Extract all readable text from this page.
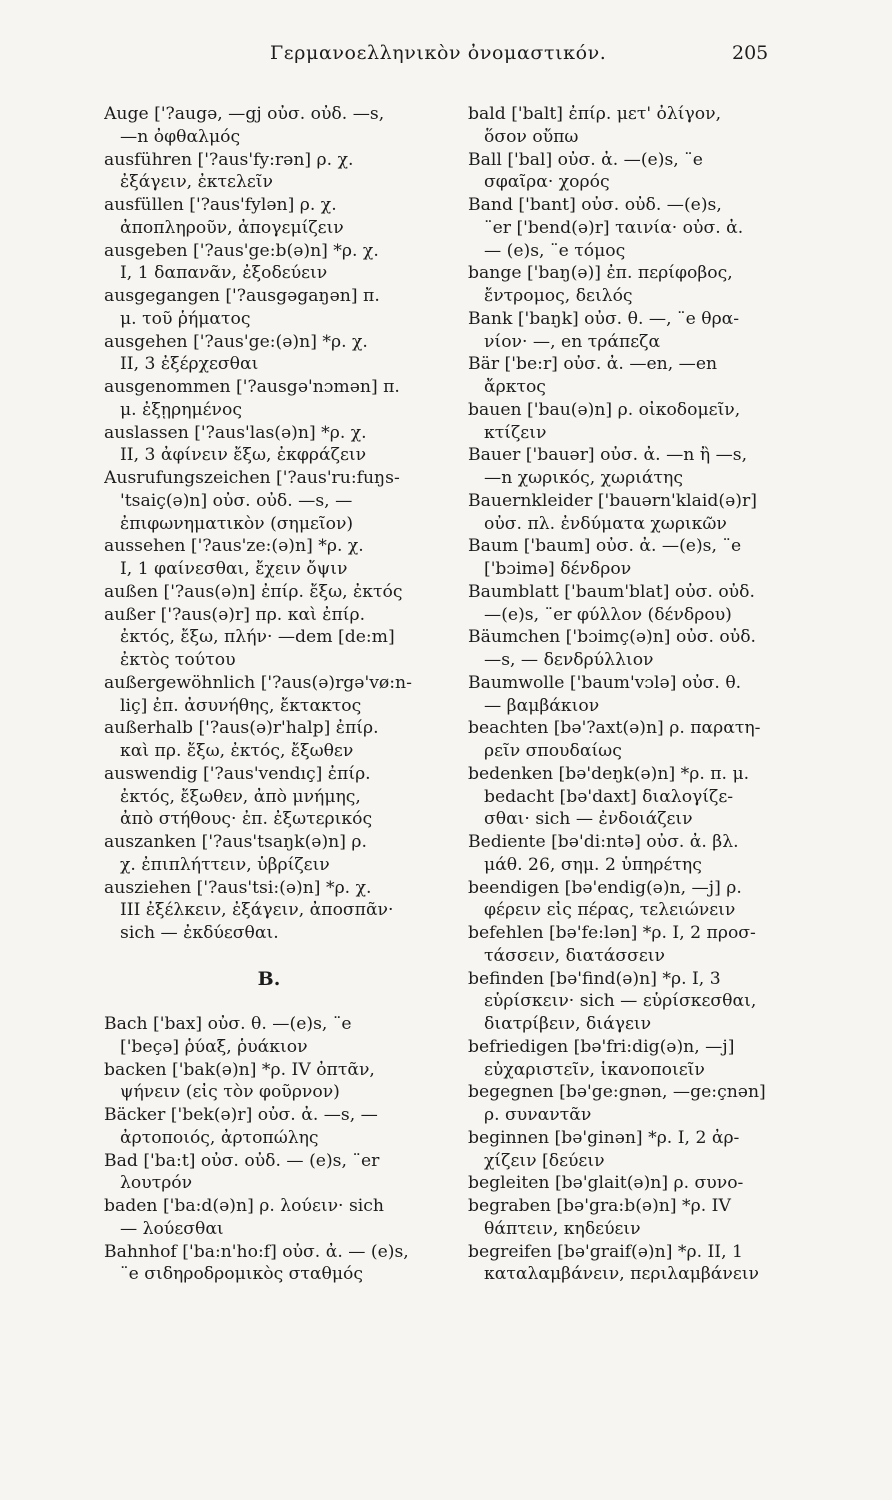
Γερμανοελληνικὸν ὀνομαστικόν.	205
Auge ['?augə, —gj οὐσ. οὐδ. —s,
—n ὀφθαλμός
ausführen ['?aus'fy:rən] ρ. χ.
ἐξάγειν, ἐκτελεῖν
ausfüllen ['?aus'fylən] ρ. χ.
ἀποπληροῦν, ἀπογεμίζειν
ausgeben ['?aus'ge:b(ə)n] *ρ. χ.
I, 1 δαπανᾶν, ἐξοδεύειν
ausgegangen ['?ausgəgaŋən] π.
μ. τοῦ ῥήματος
ausgehen ['?aus'ge:(ə)n] *ρ. χ.
II, 3 ἐξέρχεσθαι
ausgenommen ['?ausgə'nɔmən] π.
μ. ἐξῃρημένος
auslassen ['?aus'las(ə)n] *ρ. χ.
II, 3 ἀφίνειν ἔξω, ἐκφράζειν
Ausrufungszeichen ['?aus'ru:fuŋs-
'tsaiç(ə)n] οὐσ. οὐδ. —s, —
ἐπιφωνηματικὸν (σημεῖον)
aussehen ['?aus'ze:(ə)n] *ρ. χ.
I, 1 φαίνεσθαι, ἔχειν ὄψιν
außen ['?aus(ə)n] ἐπίρ. ἔξω, ἐκτός
außer ['?aus(ə)r] πρ. καὶ ἐπίρ.
ἐκτός, ἔξω, πλήν· —dem [de:m]
ἐκτὸς τούτου
außergewöhnlich ['?aus(ə)rgə'vø:n-
liç] ἐπ. ἀσυνήθης, ἔκτακτος
außerhalb ['?aus(ə)r'halp] ἐπίρ.
καὶ πρ. ἔξω, ἐκτός, ἔξωθεν
auswendig ['?aus'vendıç] ἐπίρ.
ἐκτός, ἔξωθεν, ἀπὸ μνήμης,
ἀπὸ στήθους· ἐπ. ἐξωτερικός
auszanken ['?aus'tsaŋk(ə)n] ρ.
χ. ἐπιπλήττειν, ὑβρίζειν
ausziehen ['?aus'tsi:(ə)n] *ρ. χ.
III ἐξέλκειν, ἐξάγειν, ἀποσπᾶν·
sich — ἐκδύεσθαι.
B.
Bach ['bax] οὐσ. θ. —(e)s, ¨e
['beçə] ῥύαξ, ῥυάκιον
backen ['bak(ə)n] *ρ. IV ὀπτᾶν,
ψήνειν (εἰς τὸν φοῦρνον)
Bäcker ['bek(ə)r] οὐσ. ἀ. —s, —
ἀρτοποιός, ἀρτοπώλης
Bad ['ba:t] οὐσ. οὐδ. — (e)s, ¨er
λουτρόν
baden ['ba:d(ə)n] ρ. λούειν· sich
— λούεσθαι
Bahnhof ['ba:n'ho:f] οὐσ. ἀ. — (e)s,
¨e σιδηροδρομικὸς σταθμός
bald ['balt] ἐπίρ. μετ' ὀλίγον,
ὅσον οὔπω
Ball ['bal] οὐσ. ἀ. —(e)s, ¨e
σφαῖρα· χορός
Band ['bant] οὐσ. οὐδ. —(e)s,
¨er ['bend(ə)r] ταινία· οὐσ. ἀ.
— (e)s, ¨e τόμος
bange ['baŋ(ə)] ἐπ. περίφοβος,
ἔντρομος, δειλός
Bank ['baŋk] οὐσ. θ. —, ¨e θρα-
νίον· —, en τράπεζα
Bär ['be:r] οὐσ. ἀ. —en, —en
ἄρκτος
bauen ['bau(ə)n] ρ. οἰκοδομεῖν,
κτίζειν
Bauer ['bauər] οὐσ. ἀ. —n ἢ —s,
—n χωρικός, χωριάτης
Bauernkleider ['bauərn'klaid(ə)r]
οὐσ. πλ. ἐνδύματα χωρικῶν
Baum ['baum] οὐσ. ἀ. —(e)s, ¨e
['bɔimə] δένδρον
Baumblatt ['baum'blat] οὐσ. οὐδ.
—(e)s, ¨er φύλλον (δένδρου)
Bäumchen ['bɔimç(ə)n] οὐσ. οὐδ.
—s, — δενδρύλλιον
Baumwolle ['baum'vɔlə] οὐσ. θ.
— βαμβάκιον
beachten [bə'?axt(ə)n] ρ. παρατη-
ρεῖν σπουδαίως
bedenken [bə'deŋk(ə)n] *ρ. π. μ.
bedacht [bə'daxt] διαλογίζε-
σθαι· sich — ἐνδοιάζειν
Bediente [bə'di:ntə] οὐσ. ἀ. βλ.
μάθ. 26, σημ. 2 ὑπηρέτης
beendigen [bə'endig(ə)n, —j] ρ.
φέρειν εἰς πέρας, τελειώνειν
befehlen [bə'fe:lən] *ρ. I, 2 προσ-
τάσσειν, διατάσσειν
befinden [bə'find(ə)n] *ρ. I, 3
εὑρίσκειν· sich — εὑρίσκεσθαι,
διατρίβειν, διάγειν
befriedigen [bə'fri:dig(ə)n, —j]
εὐχαριστεῖν, ἱκανοποιεῖν
begegnen [bə'ge:gnən, —ge:çnən]
ρ. συναντᾶν
beginnen [bə'ginən] *ρ. I, 2 ἀρ-
χίζειν [δεύειν
begleiten [bə'glait(ə)n] ρ. συνο-
begraben [bə'gra:b(ə)n] *ρ. IV
θάπτειν, κηδεύειν
begreifen [bə'graif(ə)n] *ρ. II, 1
καταλαμβάνειν, περιλαμβάνειν
